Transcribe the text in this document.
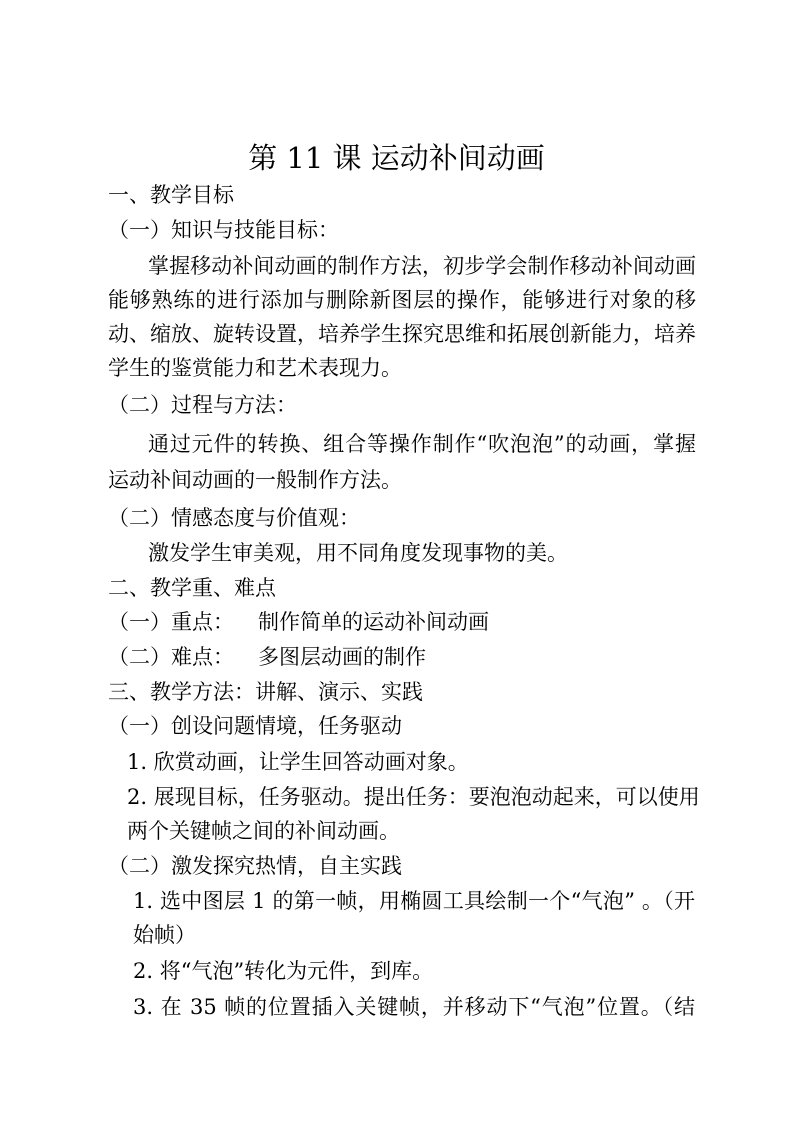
第 11 课 运动补间动画
一、教学目标
（一）知识与技能目标：
掌握移动补间动画的制作方法，初步学会制作移动补间动画
能够熟练的进行添加与删除新图层的操作，能够进行对象的移
动、缩放、旋转设置，培养学生探究思维和拓展创新能力，培养
学生的鉴赏能力和艺术表现力。
（二）过程与方法：
通过元件的转换、组合等操作制作“吹泡泡”的动画，掌握
运动补间动画的一般制作方法。
（二）情感态度与价值观：
激发学生审美观，用不同角度发现事物的美。
二、教学重、难点
（一）重点： 制作简单的运动补间动画
（二）难点： 多图层动画的制作
三、教学方法：讲解、演示、实践
（一）创设问题情境，任务驱动
1. 欣赏动画，让学生回答动画对象。
2. 展现目标，任务驱动。提出任务：要泡泡动起来，可以使用
两个关键帧之间的补间动画。
（二）激发探究热情，自主实践
1. 选中图层 1 的第一帧，用椭圆工具绘制一个“气泡” 。（开
始帧）
2. 将“气泡”转化为元件，到库。
3. 在 35 帧的位置插入关键帧，并移动下“气泡”位置。（结
